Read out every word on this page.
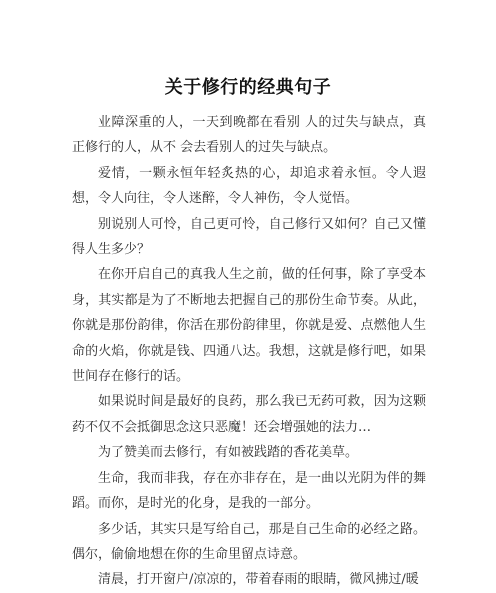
关于修行的经典句子

业障深重的人，一天到晚都在看别 人的过失与缺点，真正修行的人，从不 会去看别人的过失与缺点。

爱情，一颗永恒年轻炙热的心，却追求着永恒。令人遐想，令人向往，令人迷醉，令人神伤，令人觉悟。

别说别人可怜，自己更可怜，自己修行又如何？自己又懂得人生多少？

在你开启自己的真我人生之前，做的任何事，除了享受本身，其实都是为了不断地去把握自己的那份生命节奏。从此，你就是那份韵律，你活在那份韵律里，你就是爱、点燃他人生命的火焰，你就是钱、四通八达。我想，这就是修行吧，如果世间存在修行的话。

如果说时间是最好的良药，那么我已无药可救，因为这颗药不仅不会抵御思念这只恶魔！还会增强她的法力…

为了赞美而去修行，有如被践踏的香花美草。

生命，我而非我，存在亦非存在，是一曲以光阴为伴的舞蹈。而你，是时光的化身，是我的一部分。

多少话，其实只是写给自己，那是自己生命的必经之路。偶尔，偷偷地想在你的生命里留点诗意。

清晨，打开窗户/凉凉的，带着春雨的眼睛，微风拂过/暖
